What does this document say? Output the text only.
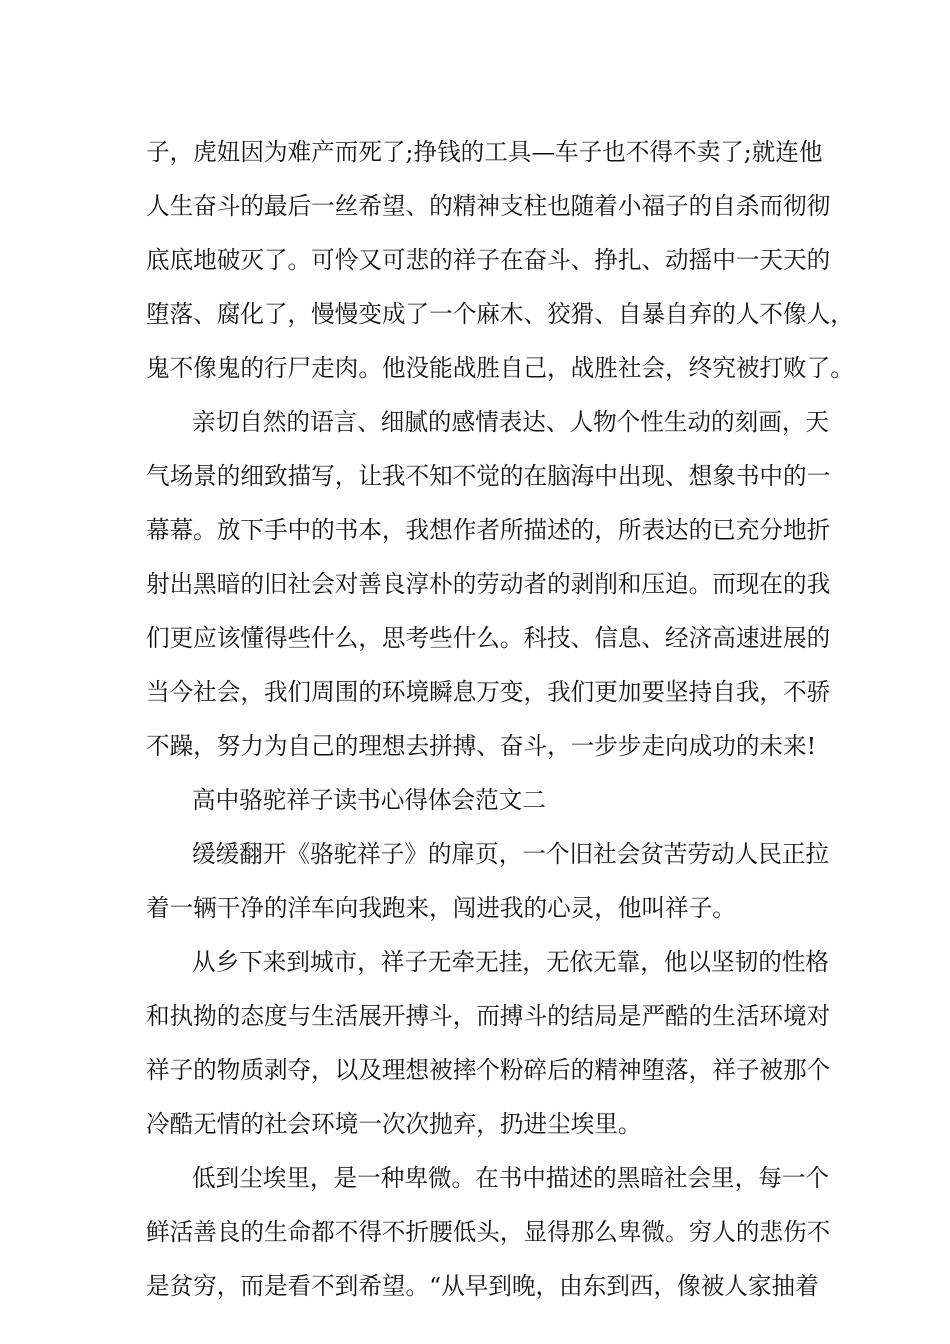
子，虎妞因为难产而死了;挣钱的工具—车子也不得不卖了;就连他
人生奋斗的最后一丝希望、的精神支柱也随着小福子的自杀而彻彻
底底地破灭了。可怜又可悲的祥子在奋斗、挣扎、动摇中一天天的
堕落、腐化了，慢慢变成了一个麻木、狡猾、自暴自弃的人不像人，
鬼不像鬼的行尸走肉。他没能战胜自己，战胜社会，终究被打败了。
亲切自然的语言、细腻的感情表达、人物个性生动的刻画，天
气场景的细致描写，让我不知不觉的在脑海中出现、想象书中的一
幕幕。放下手中的书本，我想作者所描述的，所表达的已充分地折
射出黑暗的旧社会对善良淳朴的劳动者的剥削和压迫。而现在的我
们更应该懂得些什么，思考些什么。科技、信息、经济高速进展的
当今社会，我们周围的环境瞬息万变，我们更加要坚持自我，不骄
不躁，努力为自己的理想去拼搏、奋斗，一步步走向成功的未来!
高中骆驼祥子读书心得体会范文二
缓缓翻开《骆驼祥子》的扉页，一个旧社会贫苦劳动人民正拉
着一辆干净的洋车向我跑来，闯进我的心灵，他叫祥子。
从乡下来到城市，祥子无牵无挂，无依无靠，他以坚韧的性格
和执拗的态度与生活展开搏斗，而搏斗的结局是严酷的生活环境对
祥子的物质剥夺，以及理想被摔个粉碎后的精神堕落，祥子被那个
冷酷无情的社会环境一次次抛弃，扔进尘埃里。
低到尘埃里，是一种卑微。在书中描述的黑暗社会里，每一个
鲜活善良的生命都不得不折腰低头，显得那么卑微。穷人的悲伤不
是贫穷，而是看不到希望。“从早到晚，由东到西，像被人家抽着
